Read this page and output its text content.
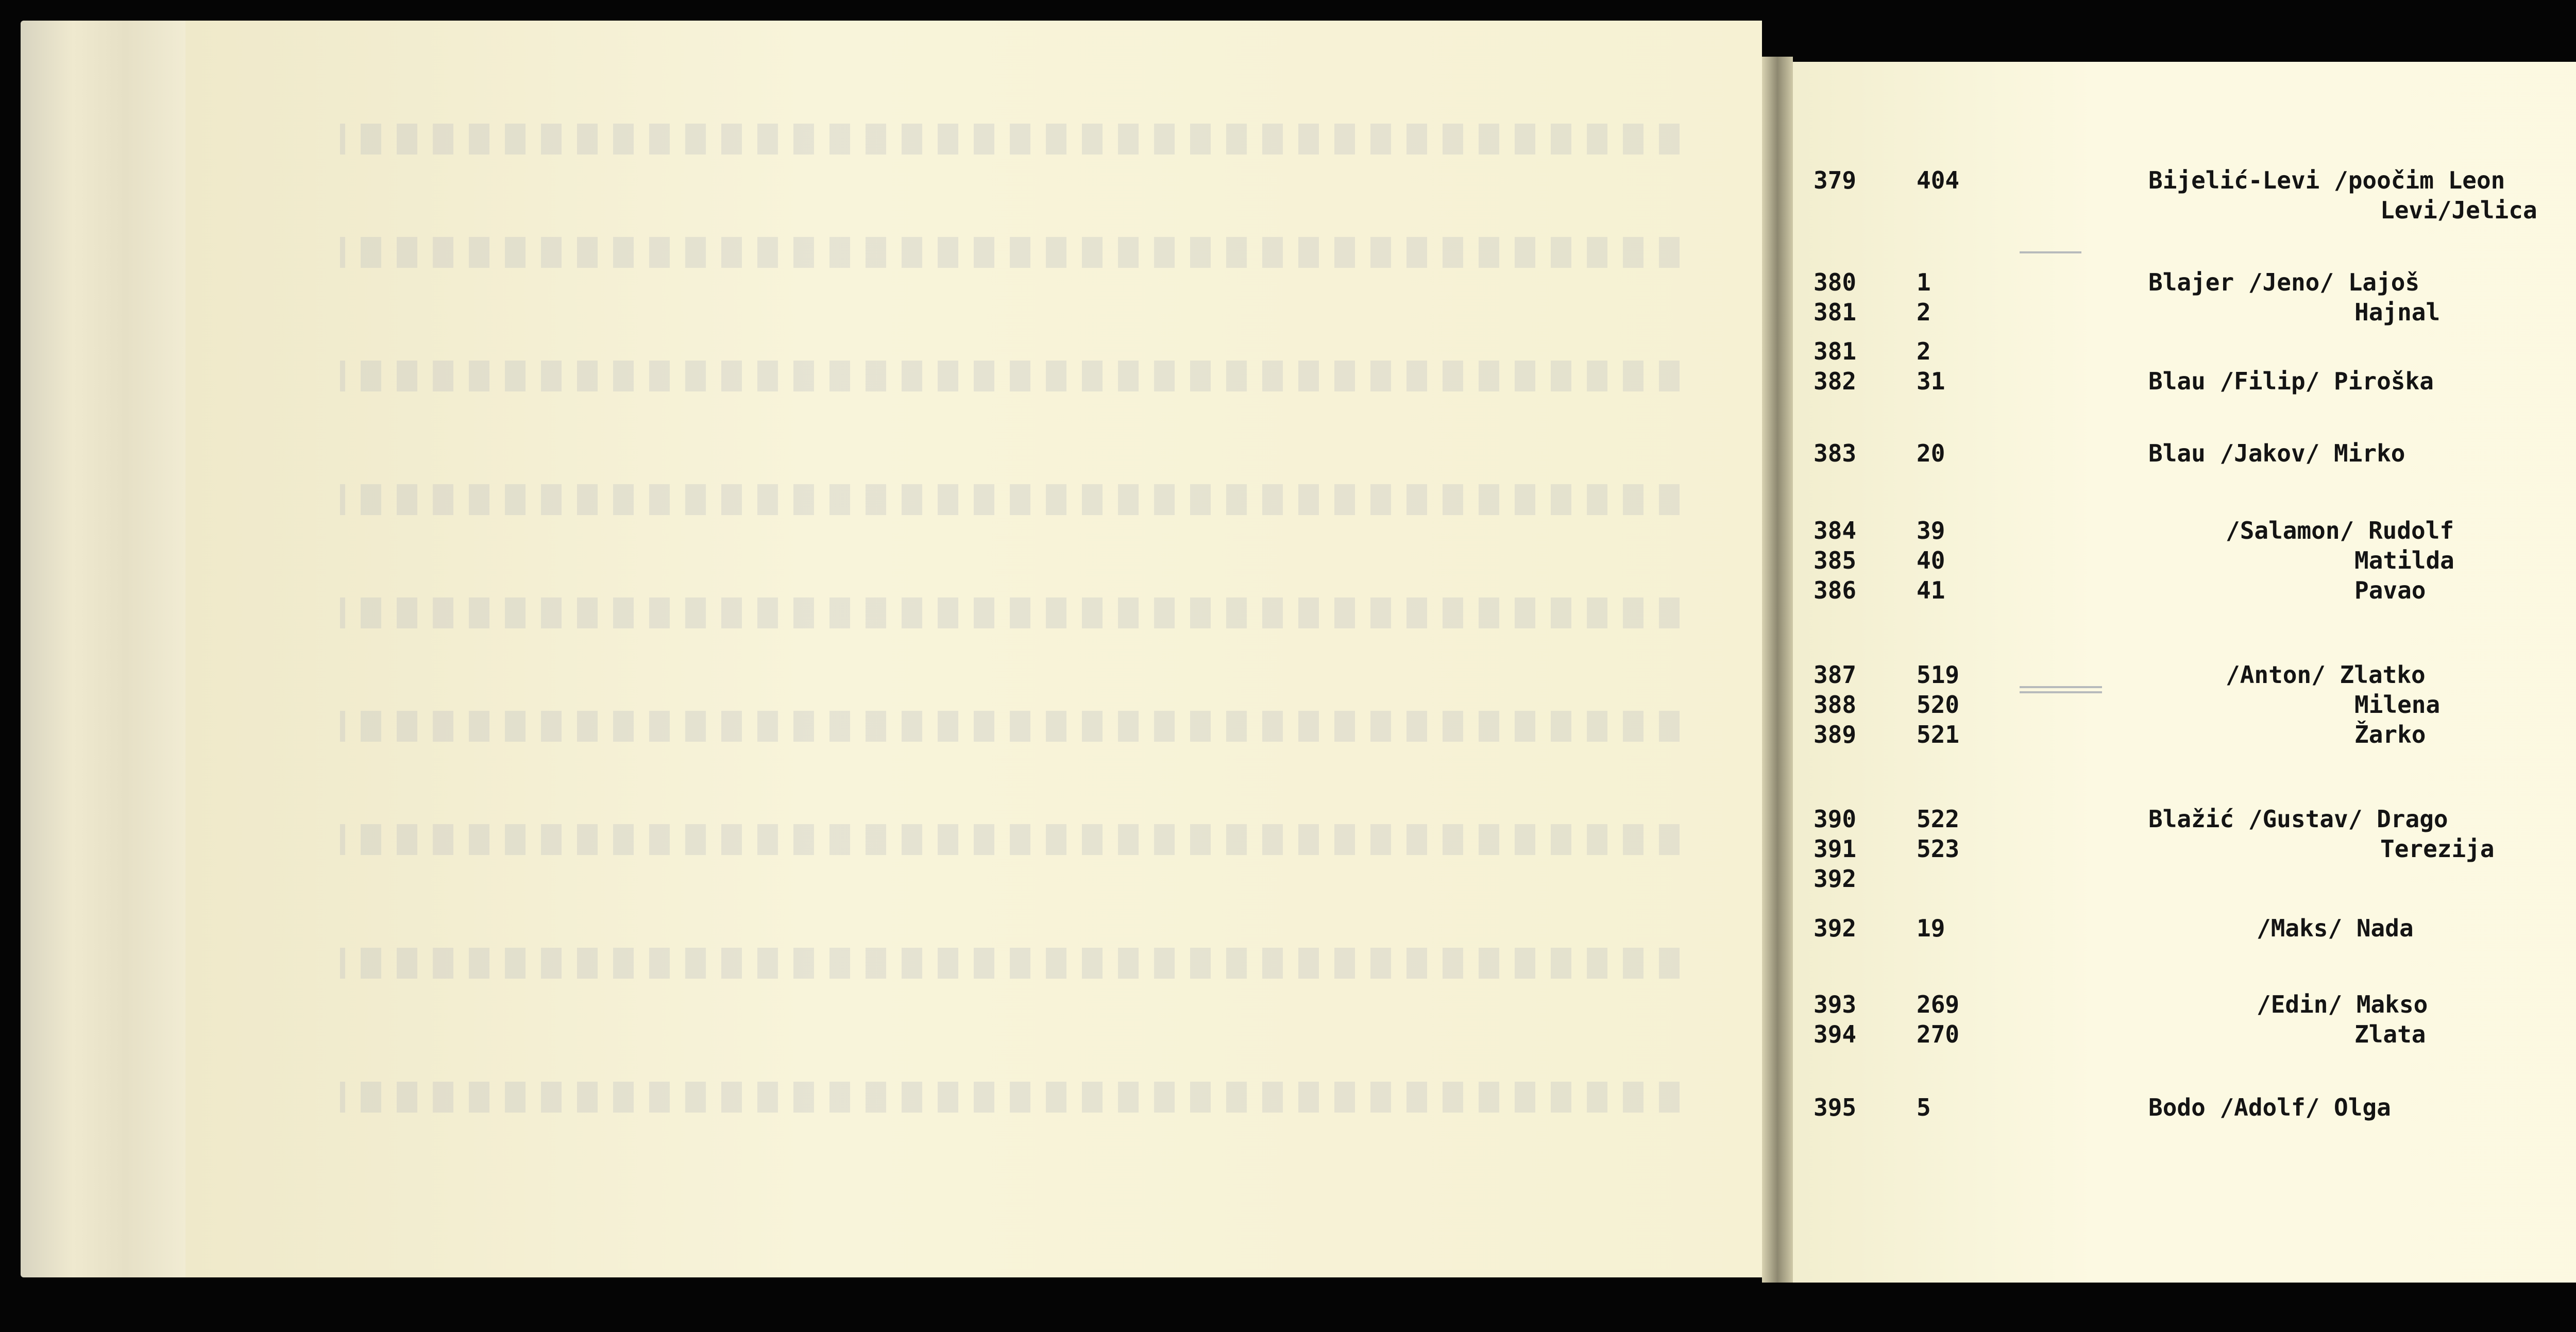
379	404	Bijelić-Levi /poočim Leon
Levi/Jelica
380	1	Blajer /Jeno/ Lajoš
381	2	Hajnal
381	2
382	31	Blau /Filip/ Piroška
383	20	Blau /Jakov/ Mirko
384	39	/Salamon/ Rudolf
385	40	Matilda
386	41	Pavao
387	519	/Anton/ Zlatko
388	520	Milena
389	521	Žarko
390	522	Blažić /Gustav/ Drago
391	523	Terezija
392
392	19	/Maks/ Nada
393	269	/Edin/ Makso
394	270	Zlata
395	5	Bodo /Adolf/ Olga
